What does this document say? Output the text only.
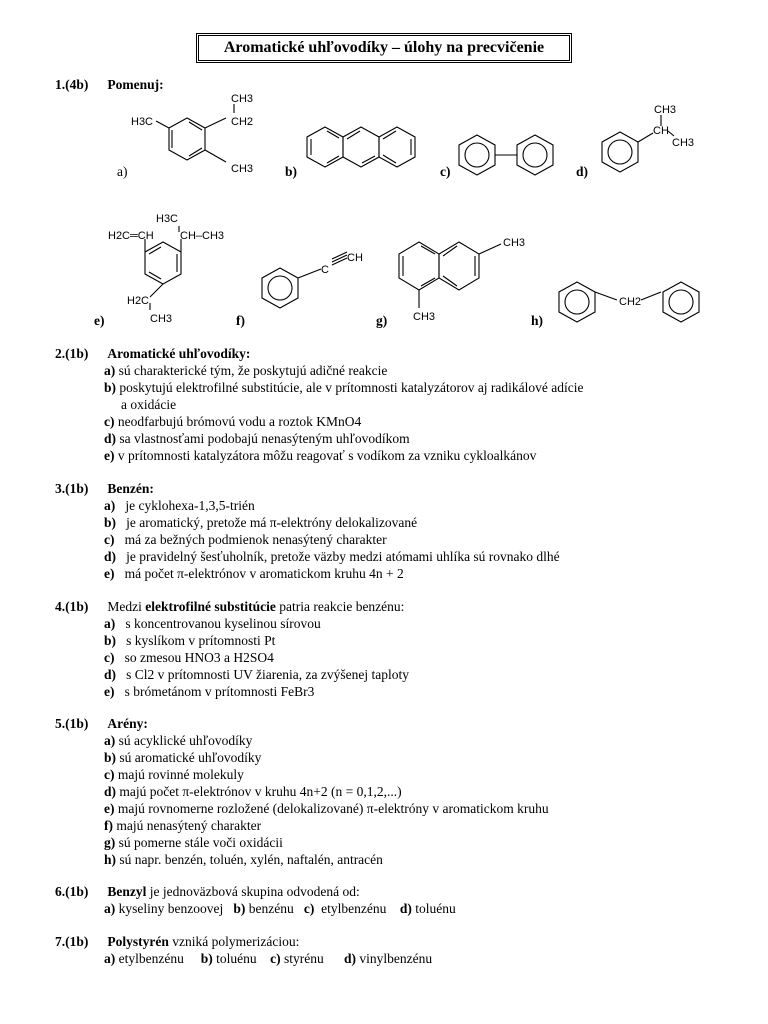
Aromatické uhľovodíky – úlohy na precvičenie
1.(4b) Pomenuj:
H3C
CH3
CH2
CH3
a)	b)	c)
CH3
CH
CH3
d)
H3C
H2C═CH CH–CH3
H2C
CH3
e)
C
CH
f)
CH3
CH3
g)
CH2
h)
2.(1b) Aromatické uhľovodíky:
a) sú charakterické tým, že poskytujú adičné reakcie
b) poskytujú elektrofilné substitúcie, ale v prítomnosti katalyzátorov aj radikálové adície
a oxidácie
c) neodfarbujú brómovú vodu a roztok KMnO4
d) sa vlastnosťami podobajú nenasýteným uhľovodíkom
e) v prítomnosti katalyzátora môžu reagovať s vodíkom za vzniku cykloalkánov
3.(1b) Benzén:
a) je cyklohexa-1,3,5-trién
b) je aromatický, pretože má π-elektróny delokalizované
c) má za bežných podmienok nenasýtený charakter
d) je pravidelný šesťuholník, pretože väzby medzi atómami uhlíka sú rovnako dlhé
e) má počet π-elektrónov v aromatickom kruhu 4n + 2
4.(1b) Medzi elektrofilné substitúcie patria reakcie benzénu:
a) s koncentrovanou kyselinou sírovou
b) s kyslíkom v prítomnosti Pt
c) so zmesou HNO3 a H2SO4
d) s Cl2 v prítomnosti UV žiarenia, za zvýšenej taploty
e) s brómetánom v prítomnosti FeBr3
5.(1b) Arény:
a) sú acyklické uhľovodíky
b) sú aromatické uhľovodíky
c) majú rovinné molekuly
d) majú počet π-elektrónov v kruhu 4n+2 (n = 0,1,2,...)
e) majú rovnomerne rozložené (delokalizované) π-elektróny v aromatickom kruhu
f) majú nenasýtený charakter
g) sú pomerne stále voči oxidácii
h) sú napr. benzén, toluén, xylén, naftalén, antracén
6.(1b) Benzyl je jednoväzbová skupina odvodená od:
a) kyseliny benzoovej b) benzénu c) etylbenzénu d) toluénu
7.(1b) Polystyrén vzniká polymerizáciou:
a) etylbenzénu b) toluénu c) styrénu d) vinylbenzénu
